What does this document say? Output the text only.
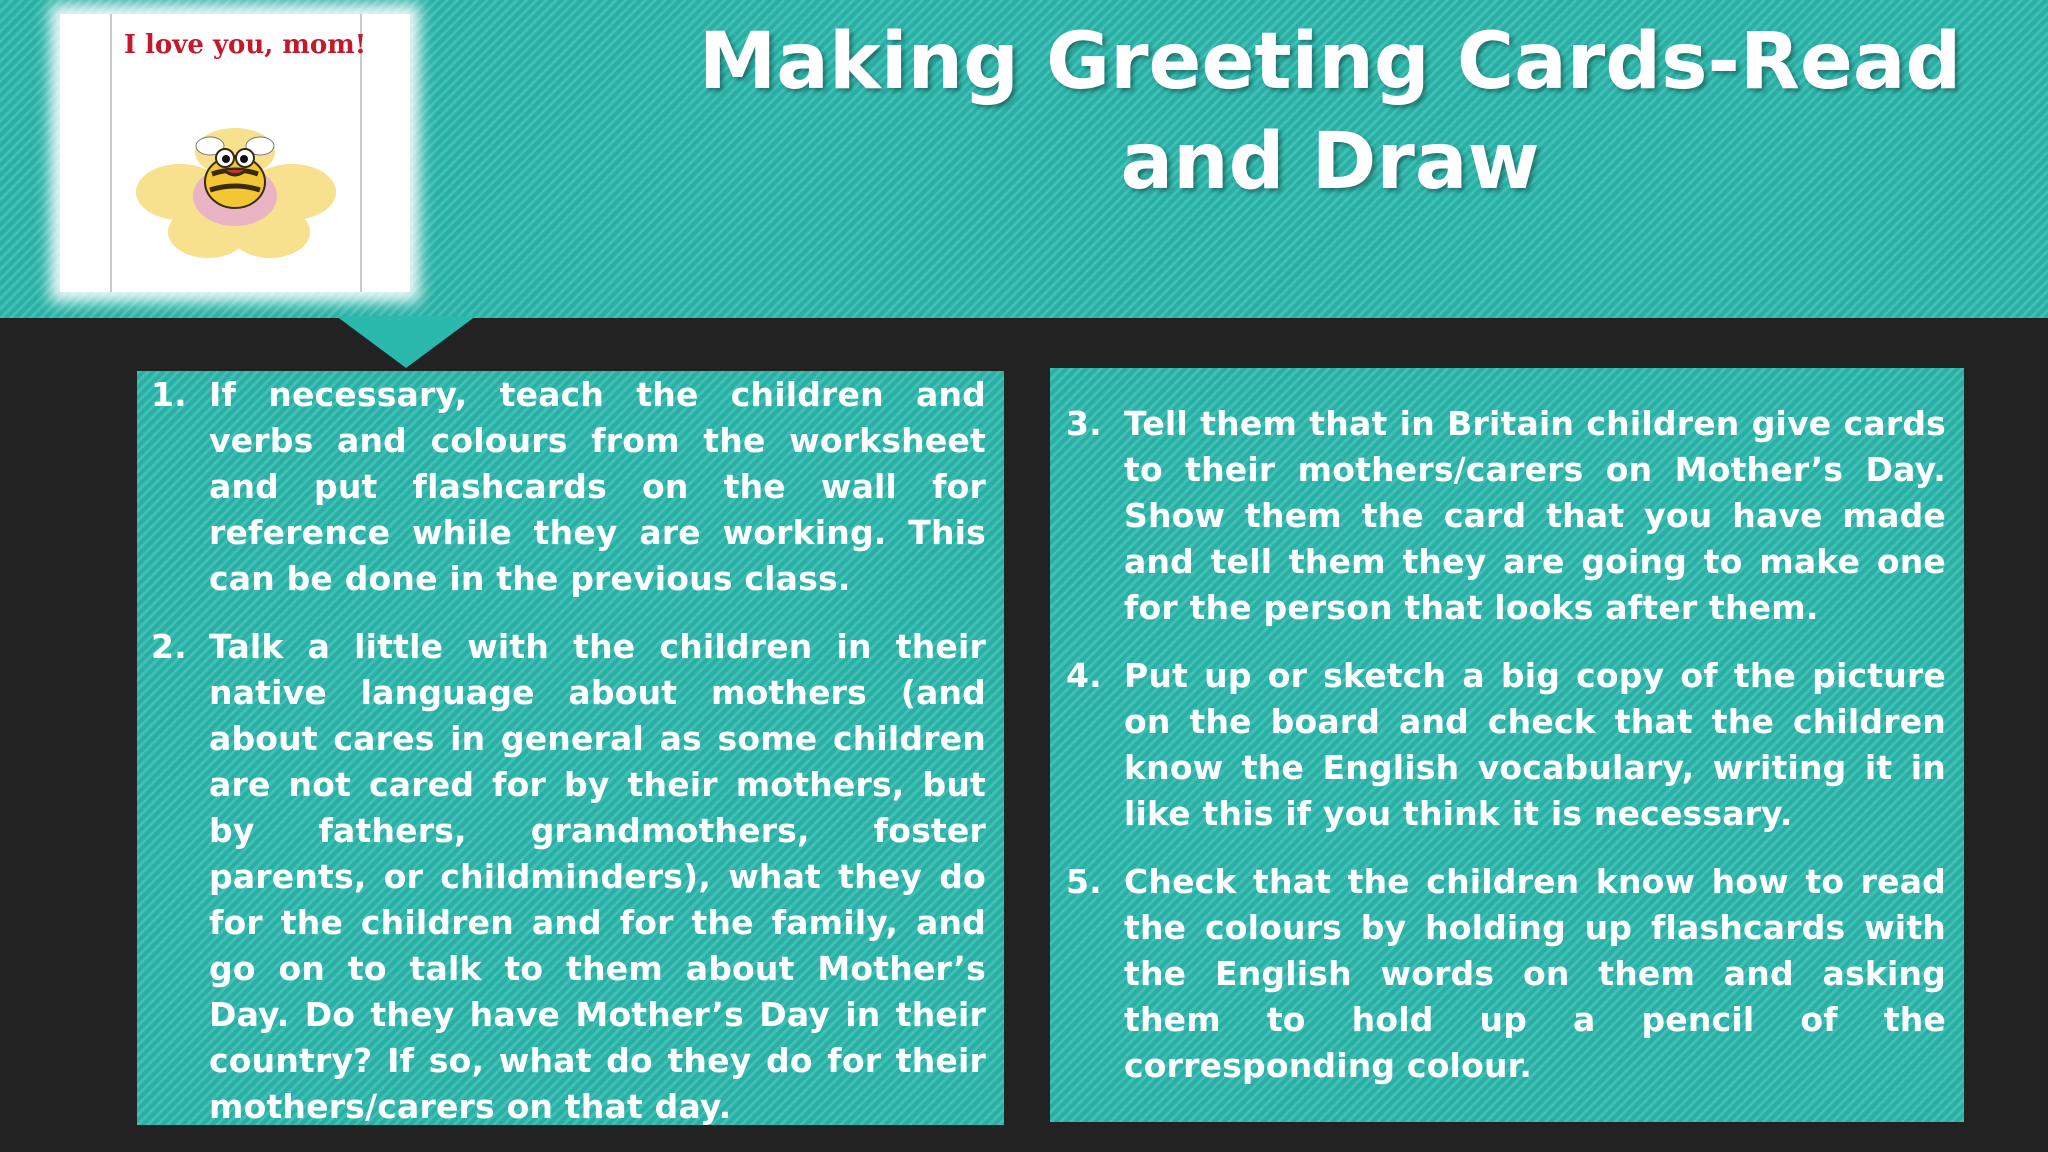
Making Greeting Cards-Read and Draw
I love you, mom!
1. If necessary, teach the children and verbs and colours from the worksheet and put flashcards on the wall for reference while they are working. This can be done in the previous class.
2. Talk a little with the children in their native language about mothers (and about cares in general as some children are not cared for by their mothers, but by fathers, grandmothers, foster parents, or childminders), what they do for the children and for the family, and go on to talk to them about Mother’s Day. Do they have Mother’s Day in their country? If so, what do they do for their mothers/carers on that day.
3. Tell them that in Britain children give cards to their mothers/carers on Mother’s Day. Show them the card that you have made and tell them they are going to make one for the person that looks after them.
4. Put up or sketch a big copy of the picture on the board and check that the children know the English vocabulary, writing it in like this if you think it is necessary.
5. Check that the children know how to read the colours by holding up flashcards with the English words on them and asking them to hold up a pencil of the corresponding colour.
